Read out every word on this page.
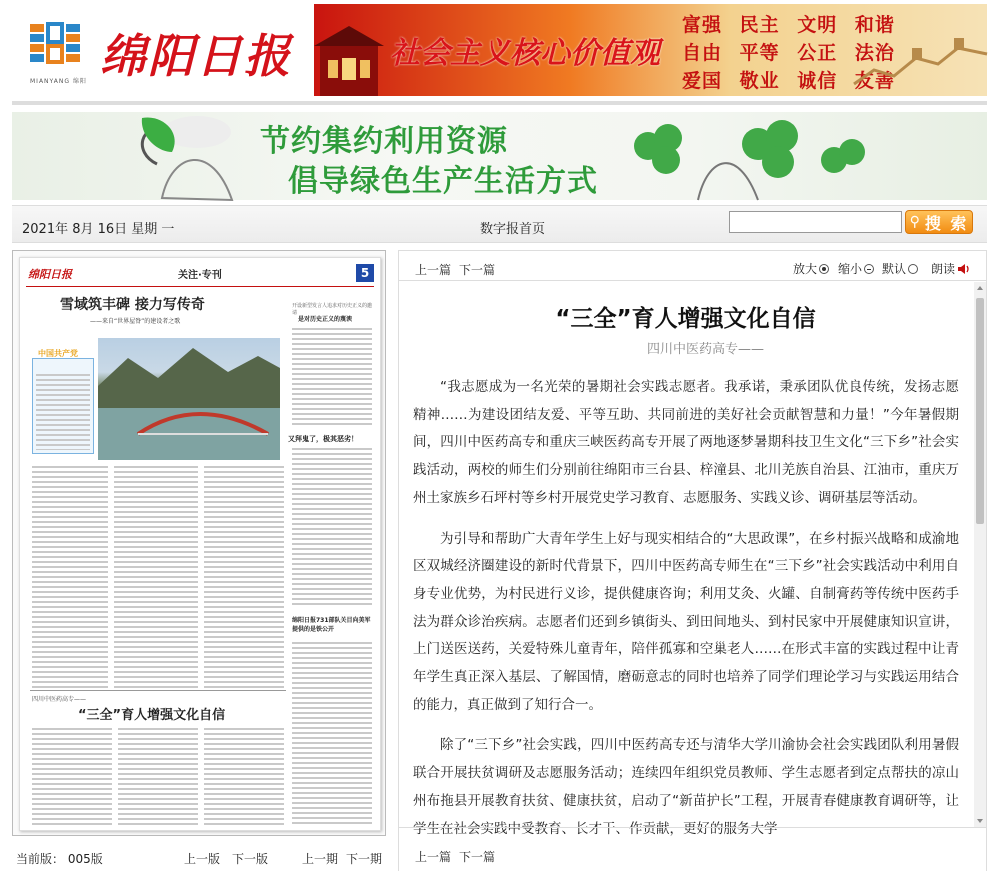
绵阳日报
MIANYANG 绵阳
社会主义核心价值观
富强 民主 文明 和谐
自由 平等 公正 法治
爱国 敬业 诚信 友善
节约集约利用资源
倡导绿色生产生活方式
2021年 8月 16日 星期 一	数字报首页	⚲ 搜 索
绵阳日报	关注·专刊	5
雪域筑丰碑 接力写传奇
——来自“世界屋脊”的建设者之歌
开设新型发言人追求对历史正义的邀请
是对历史正义的蔑谀
中国共产党
又拜鬼了，极其恶劣！
绵阳日报731部队关目向美军提供的是铁公开
四川中医药高专——
“三全”育人增强文化自信
当前版： 005版	上一版 下一版	上一期 下一期
上一篇 下一篇	放大 缩小 默认 朗读
“三全”育人增强文化自信
四川中医药高专——

“我志愿成为一名光荣的暑期社会实践志愿者。我承诺，秉承团队优良传统，发扬志愿精神……为建设团结友爱、平等互助、共同前进的美好社会贡献智慧和力量！”今年暑假期间，四川中医药高专和重庆三峡医药高专开展了两地逐梦暑期科技卫生文化“三下乡”社会实践活动，两校的师生们分别前往绵阳市三台县、梓潼县、北川羌族自治县、江油市，重庆万州土家族乡石坪村等乡村开展党史学习教育、志愿服务、实践义诊、调研基层等活动。

为引导和帮助广大青年学生上好与现实相结合的“大思政课”，在乡村振兴战略和成渝地区双城经济圈建设的新时代背景下，四川中医药高专师生在“三下乡”社会实践活动中利用自身专业优势，为村民进行义诊，提供健康咨询；利用艾灸、火罐、自制膏药等传统中医药手法为群众诊治疾病。志愿者们还到乡镇街头、到田间地头、到村民家中开展健康知识宣讲，上门送医送药，关爱特殊儿童青年，陪伴孤寡和空巢老人……在形式丰富的实践过程中让青年学生真正深入基层、了解国情，磨砺意志的同时也培养了同学们理论学习与实践运用结合的能力，真正做到了知行合一。

除了“三下乡”社会实践，四川中医药高专还与清华大学川渝协会社会实践团队利用暑假联合开展扶贫调研及志愿服务活动；连续四年组织党员教师、学生志愿者到定点帮扶的凉山州布拖县开展教育扶贫、健康扶贫，启动了“新苗护长”工程，开展青春健康教育调研等，让学生在社会实践中受教育、长才干、作贡献，更好的服务大学

上一篇 下一篇
